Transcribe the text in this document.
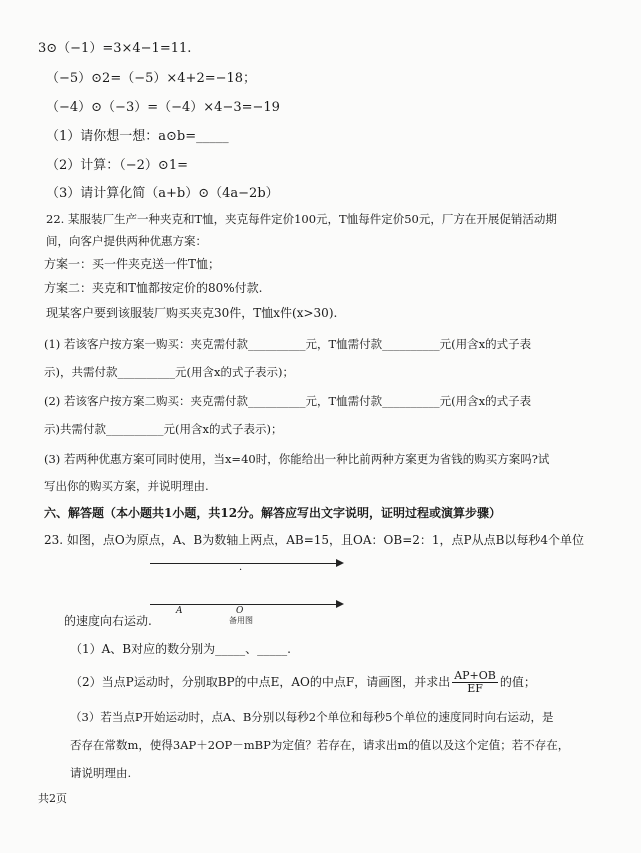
3⊙（−1）=3×4−1=11.
（−5）⊙2=（−5）×4+2=−18；
（−4）⊙（−3）=（−4）×4−3=−19
（1）请你想一想：a⊙b=_____
（2）计算：（−2）⊙1=
（3）请计算化简（a+b）⊙（4a−2b）
22. 某服装厂生产一种夹克和T恤，夹克每件定价100元，T恤每件定价50元，厂方在开展促销活动期
间，向客户提供两种优惠方案：
方案一：买一件夹克送一件T恤；
方案二：夹克和T恤都按定价的80%付款.
现某客户要到该服装厂购买夹克30件，T恤x件(x>30).
(1) 若该客户按方案一购买：夹克需付款__________元，T恤需付款__________元(用含x的式子表
示)，共需付款__________元(用含x的式子表示)；
(2) 若该客户按方案二购买：夹克需付款__________元，T恤需付款__________元(用含x的式子表
示)共需付款__________元(用含x的式子表示)；
(3) 若两种优惠方案可同时使用，当x=40时，你能给出一种比前两种方案更为省钱的购买方案吗?试
写出你的购买方案，并说明理由.
六、解答题（本小题共1小题，共12分。解答应写出文字说明，证明过程或演算步骤）
23. 如图，点O为原点，A、B为数轴上两点，AB=15，且OA：OB=2：1，点P从点B以每秒4个单位
·
A	O
备用图
的速度向右运动.
（1）A、B对应的数分别为_____、_____.
（2）当点P运动时，分别取BP的中点E，AO的中点F，请画图，并求出 $\frac{AP+OB}{EF}$ 的值；
（3）若当点P开始运动时，点A、B分别以每秒2个单位和每秒5个单位的速度同时向右运动，是
否存在常数m，使得3AP＋2OP－mBP为定值？若存在，请求出m的值以及这个定值；若不存在，
请说明理由.
共2页
